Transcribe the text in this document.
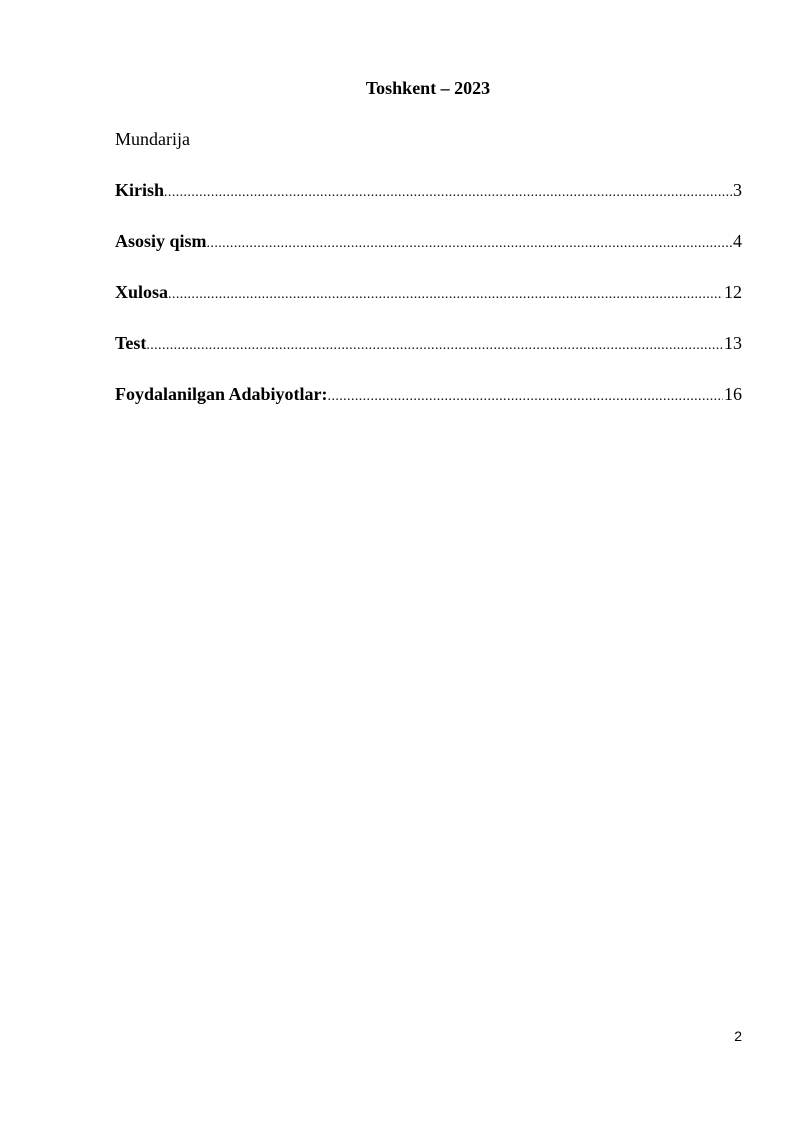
Toshkent – 2023
Mundarija
Kirish .....	3
Asosiy qism .....	4
Xulosa .....	12
Test .....	13
Foydalanilgan Adabiyotlar: .....	16
2
